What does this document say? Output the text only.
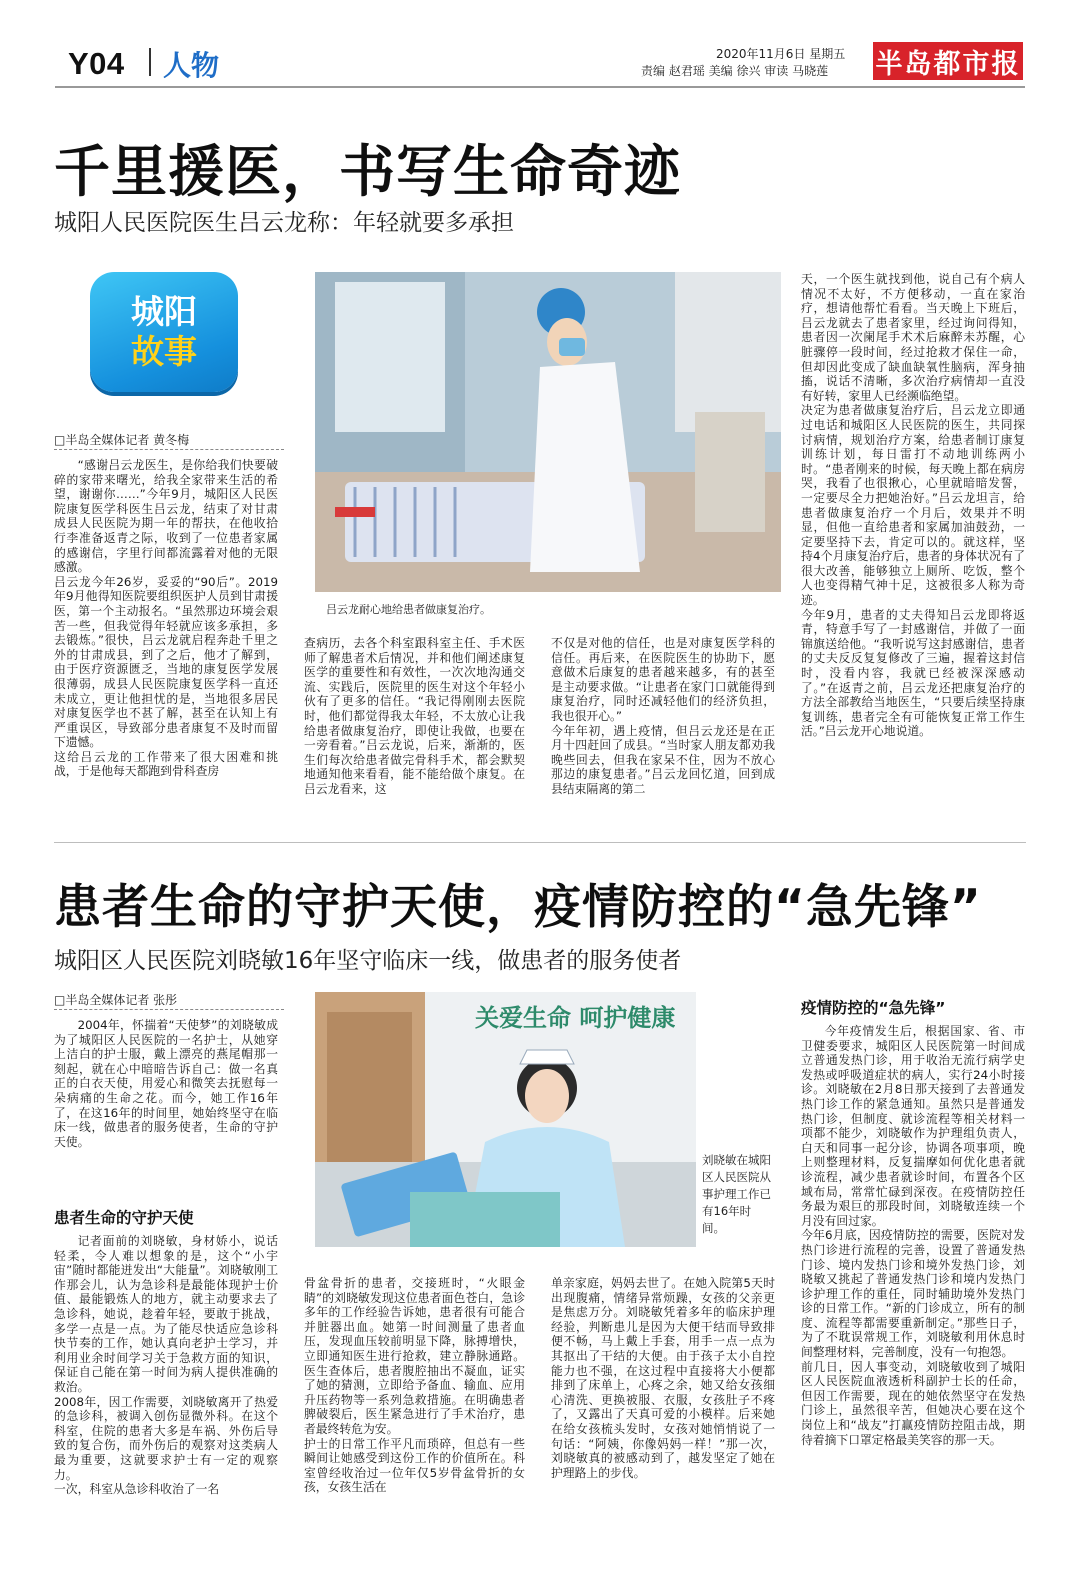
Y04 人物	2020年11月6日 星期五
责编 赵君瑶 美编 徐兴 审读 马晓莲 半岛都市报
千里援医，书写生命奇迹
城阳人民医院医生吕云龙称：年轻就要多承担
城阳
故事
□半岛全媒体记者 黄冬梅
吕云龙耐心地给患者做康复治疗。

“感谢吕云龙医生，是你给我们快要破碎的家带来曙光，给我全家带来生活的希望，谢谢你……”今年9月，城阳区人民医院康复医学科医生吕云龙，结束了对甘肃成县人民医院为期一年的帮扶，在他收拾行李准备返青之际，收到了一位患者家属的感谢信，字里行间都流露着对他的无限感激。
吕云龙今年26岁，妥妥的“90后”。2019年9月他得知医院要组织医护人员到甘肃援医，第一个主动报名。“虽然那边环境会艰苦一些，但我觉得年轻就应该多承担，多去锻炼。”很快，吕云龙就启程奔赴千里之外的甘肃成县，到了之后，他才了解到，由于医疗资源匮乏，当地的康复医学发展很薄弱，成县人民医院康复医学科一直还未成立，更让他担忧的是，当地很多居民对康复医学也不甚了解，甚至在认知上有严重误区，导致部分患者康复不及时而留下遗憾。
这给吕云龙的工作带来了很大困难和挑战，于是他每天都跑到骨科查房

查病历，去各个科室跟科室主任、手术医师了解患者术后情况，并和他们阐述康复医学的重要性和有效性，一次次地沟通交流、实践后，医院里的医生对这个年轻小伙有了更多的信任。“我记得刚刚去医院时，他们都觉得我太年轻，不太放心让我给患者做康复治疗，即使让我做，也要在一旁看着。”吕云龙说，后来，渐渐的，医生们每次给患者做完骨科手术，都会默契地通知他来看看，能不能给做个康复。在吕云龙看来，这

不仅是对他的信任，也是对康复医学科的信任。再后来，在医院医生的协助下，愿意做术后康复的患者越来越多，有的甚至是主动要求做。“让患者在家门口就能得到康复治疗，同时还减轻他们的经济负担，我也很开心。”
今年年初，遇上疫情，但吕云龙还是在正月十四赶回了成县。“当时家人朋友都劝我晚些回去，但我在家呆不住，因为不放心那边的康复患者。”吕云龙回忆道，回到成县结束隔离的第二

天，一个医生就找到他，说自己有个病人情况不太好，不方便移动，一直在家治疗，想请他帮忙看看。当天晚上下班后，吕云龙就去了患者家里，经过询问得知，患者因一次阑尾手术术后麻醉未苏醒，心脏骤停一段时间，经过抢救才保住一命，但却因此变成了缺血缺氧性脑病，浑身抽搐，说话不清晰，多次治疗病情却一直没有好转，家里人已经濒临绝望。
决定为患者做康复治疗后，吕云龙立即通过电话和城阳区人民医院的医生，共同探讨病情，规划治疗方案，给患者制订康复训练计划，每日雷打不动地训练两小时。“患者刚来的时候，每天晚上都在病房哭，我看了也很揪心，心里就暗暗发誓，一定要尽全力把她治好。”吕云龙坦言，给患者做康复治疗一个月后，效果并不明显，但他一直给患者和家属加油鼓劲，一定要坚持下去，肯定可以的。就这样，坚持4个月康复治疗后，患者的身体状况有了很大改善，能够独立上厕所、吃饭，整个人也变得精气神十足，这被很多人称为奇迹。
今年9月，患者的丈夫得知吕云龙即将返青，特意手写了一封感谢信，并做了一面锦旗送给他。“我听说写这封感谢信，患者的丈夫反反复复修改了三遍，握着这封信时，没看内容，我就已经被深深感动了。”在返青之前，吕云龙还把康复治疗的方法全部教给当地医生，“只要后续坚持康复训练，患者完全有可能恢复正常工作生活。”吕云龙开心地说道。

患者生命的守护天使，疫情防控的“急先锋”
城阳区人民医院刘晓敏16年坚守临床一线，做患者的服务使者
□半岛全媒体记者 张彤
关爱生命 呵护健康
刘晓敏在城阳区人民医院从事护理工作已有16年时间。

2004年，怀揣着“天使梦”的刘晓敏成为了城阳区人民医院的一名护士，从她穿上洁白的护士服，戴上漂亮的燕尾帽那一刻起，就在心中暗暗告诉自己：做一名真正的白衣天使，用爱心和微笑去抚慰每一朵病痛的生命之花。而今，她工作16年了，在这16年的时间里，她始终坚守在临床一线，做患者的服务使者，生命的守护天使。

患者生命的守护天使

记者面前的刘晓敏，身材娇小，说话轻柔，令人难以想象的是，这个“小宇宙”随时都能迸发出“大能量”。刘晓敏刚工作那会儿，认为急诊科是最能体现护士价值、最能锻炼人的地方，就主动要求去了急诊科，她说，趁着年轻，要敢于挑战，多学一点是一点。为了能尽快适应急诊科快节奏的工作，她认真向老护士学习，并利用业余时间学习关于急救方面的知识，保证自己能在第一时间为病人提供准确的救治。
2008年，因工作需要，刘晓敏离开了热爱的急诊科，被调入创伤显微外科。在这个科室，住院的患者大多是车祸、外伤后导致的复合伤，而外伤后的观察对这类病人最为重要，这就要求护士有一定的观察力。
一次，科室从急诊科收治了一名

骨盆骨折的患者，交接班时，“火眼金睛”的刘晓敏发现这位患者面色苍白，急诊多年的工作经验告诉她，患者很有可能合并脏器出血。她第一时间测量了患者血压，发现血压较前明显下降，脉搏增快，立即通知医生进行抢救，建立静脉通路。医生查体后，患者腹腔抽出不凝血，证实了她的猜测，立即给予备血、输血、应用升压药物等一系列急救措施。在明确患者脾破裂后，医生紧急进行了手术治疗，患者最终转危为安。
护士的日常工作平凡而琐碎，但总有一些瞬间让她感受到这份工作的价值所在。科室曾经收治过一位年仅5岁骨盆骨折的女孩，女孩生活在

单亲家庭，妈妈去世了。在她入院第5天时出现腹痛，情绪异常烦躁，女孩的父亲更是焦虑万分。刘晓敏凭着多年的临床护理经验，判断患儿是因为大便干结而导致排便不畅，马上戴上手套，用手一点一点为其抠出了干结的大便。由于孩子太小自控能力也不强，在这过程中直接将大小便都排到了床单上，心疼之余，她又给女孩细心清洗、更换被服、衣服，女孩肚子不疼了，又露出了天真可爱的小模样。后来她在给女孩梳头发时，女孩对她悄悄说了一句话：“阿姨，你像妈妈一样！”那一次，刘晓敏真的被感动到了，越发坚定了她在护理路上的步伐。

疫情防控的“急先锋”

今年疫情发生后，根据国家、省、市卫健委要求，城阳区人民医院第一时间成立普通发热门诊，用于收治无流行病学史发热或呼吸道症状的病人，实行24小时接诊。刘晓敏在2月8日那天接到了去普通发热门诊工作的紧急通知。虽然只是普通发热门诊，但制度、就诊流程等相关材料一项都不能少，刘晓敏作为护理组负责人，白天和同事一起分诊，协调各项事项，晚上则整理材料，反复揣摩如何优化患者就诊流程，减少患者就诊时间，布置各个区域布局，常常忙碌到深夜。在疫情防控任务最为艰巨的那段时间，刘晓敏连续一个月没有回过家。
今年6月底，因疫情防控的需要，医院对发热门诊进行流程的完善，设置了普通发热门诊、境内发热门诊和境外发热门诊，刘晓敏又挑起了普通发热门诊和境内发热门诊护理工作的重任，同时辅助境外发热门诊的日常工作。“新的门诊成立，所有的制度、流程等都需要重新制定。”那些日子，为了不耽误常规工作，刘晓敏利用休息时间整理材料，完善制度，没有一句抱怨。
前几日，因人事变动，刘晓敏收到了城阳区人民医院血液透析科副护士长的任命，但因工作需要，现在的她依然坚守在发热门诊上，虽然很辛苦，但她决心要在这个岗位上和“战友”打赢疫情防控阻击战，期待着摘下口罩定格最美笑容的那一天。
